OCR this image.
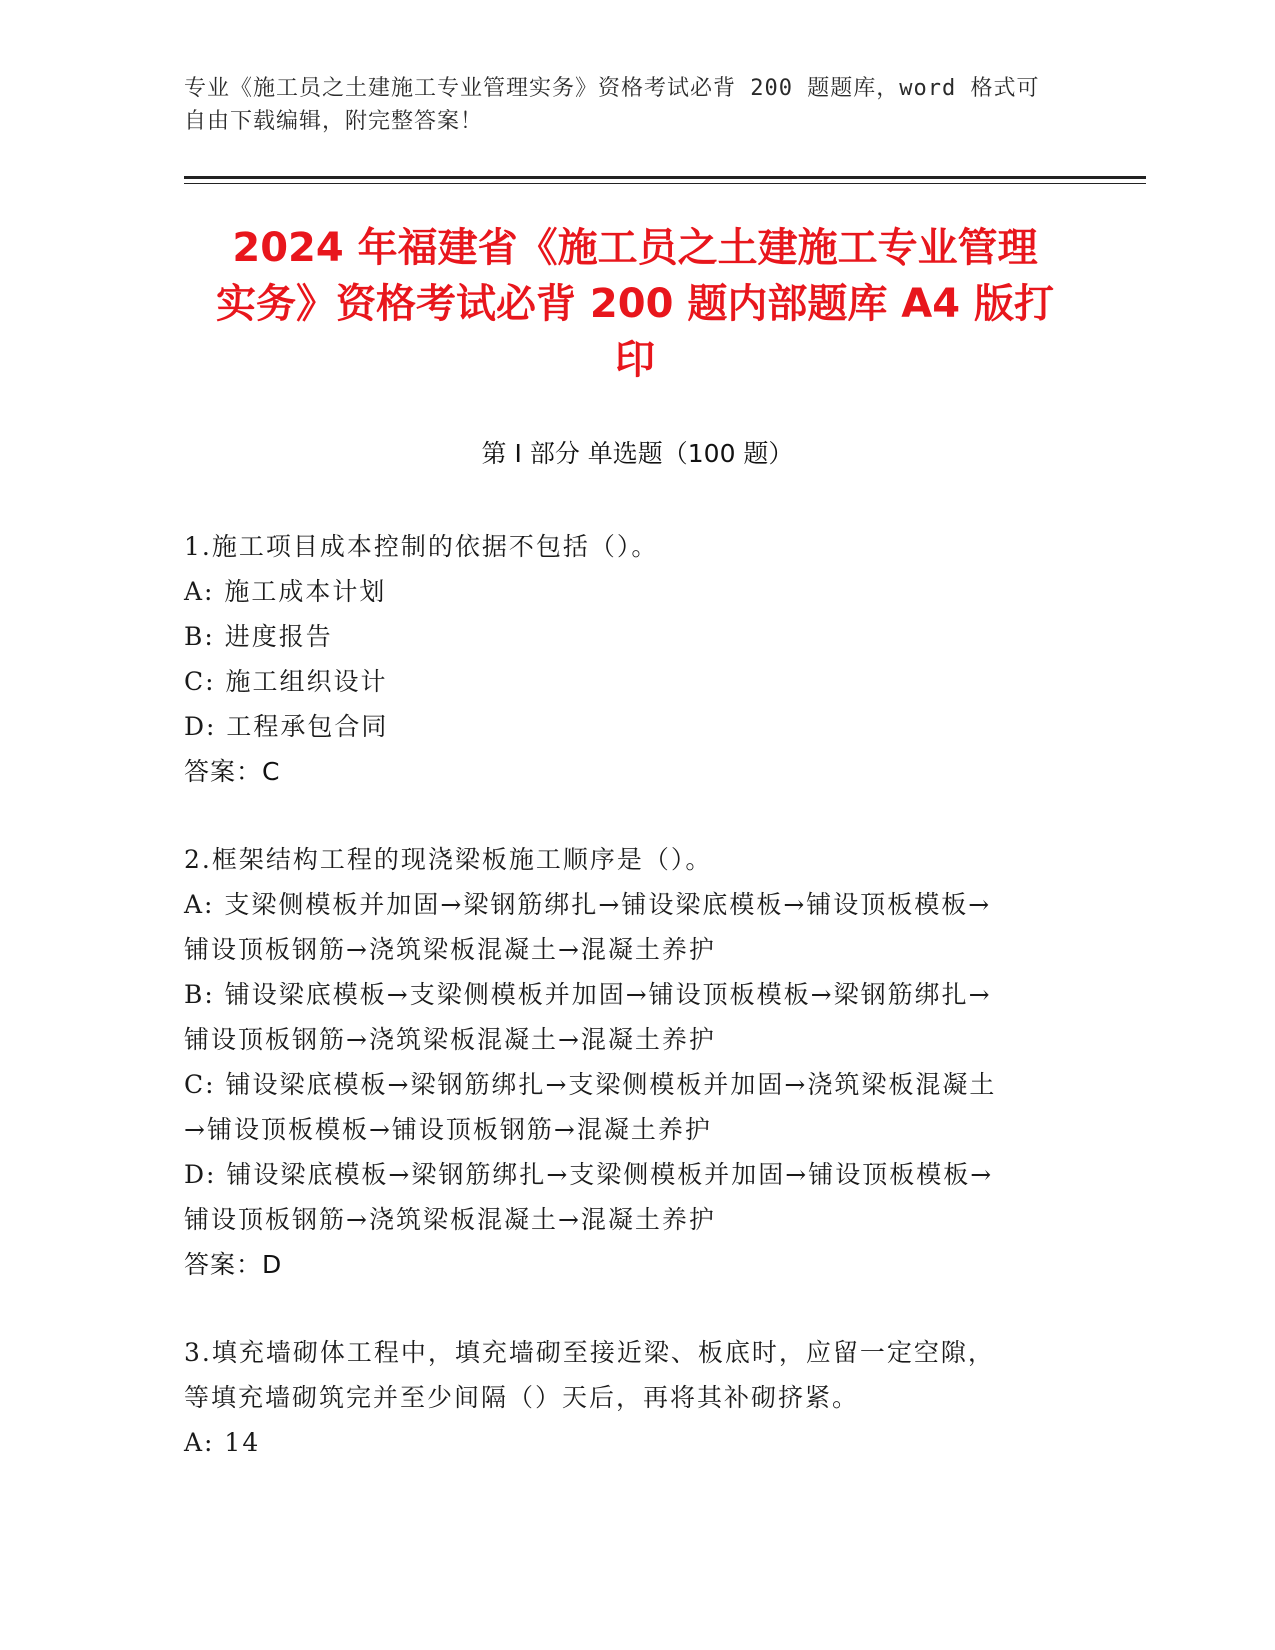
专业《施工员之土建施工专业管理实务》资格考试必背 200 题题库，word 格式可
自由下载编辑，附完整答案！
2024 年福建省《施工员之土建施工专业管理
实务》资格考试必背 200 题内部题库 A4 版打
印
第 I 部分 单选题（100 题）
1.施工项目成本控制的依据不包括（）。
A: 施工成本计划
B: 进度报告
C: 施工组织设计
D: 工程承包合同
答案：C
2.框架结构工程的现浇梁板施工顺序是（）。
A: 支梁侧模板并加固→梁钢筋绑扎→铺设梁底模板→铺设顶板模板→
铺设顶板钢筋→浇筑梁板混凝土→混凝土养护
B: 铺设梁底模板→支梁侧模板并加固→铺设顶板模板→梁钢筋绑扎→
铺设顶板钢筋→浇筑梁板混凝土→混凝土养护
C: 铺设梁底模板→梁钢筋绑扎→支梁侧模板并加固→浇筑梁板混凝土
→铺设顶板模板→铺设顶板钢筋→混凝土养护
D: 铺设梁底模板→梁钢筋绑扎→支梁侧模板并加固→铺设顶板模板→
铺设顶板钢筋→浇筑梁板混凝土→混凝土养护
答案：D
3.填充墙砌体工程中，填充墙砌至接近梁、板底时，应留一定空隙，
等填充墙砌筑完并至少间隔（）天后，再将其补砌挤紧。
A: 14
